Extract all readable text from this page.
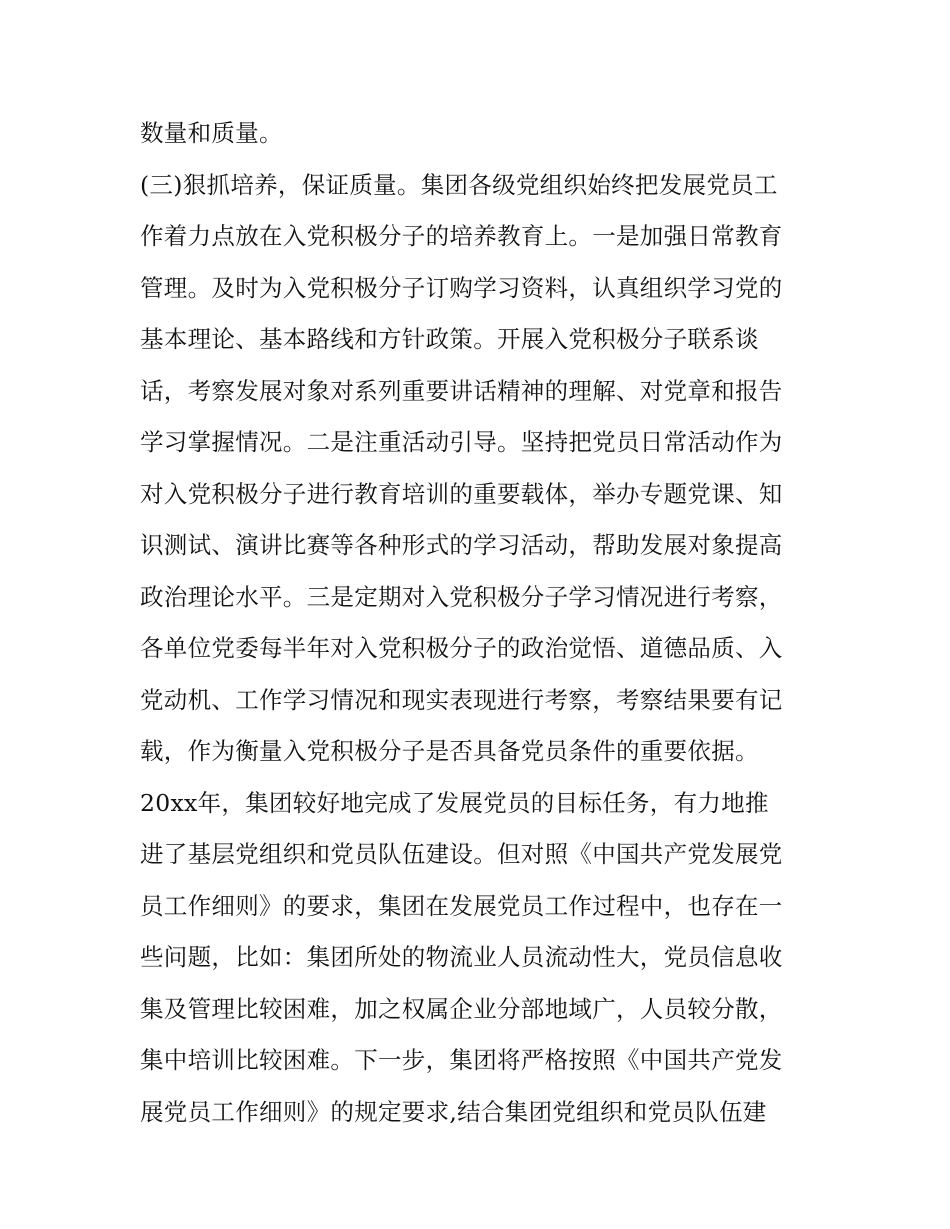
数量和质量。
(三)狠抓培养，保证质量。集团各级党组织始终把发展党员工
作着力点放在入党积极分子的培养教育上。一是加强日常教育
管理。及时为入党积极分子订购学习资料，认真组织学习党的
基本理论、基本路线和方针政策。开展入党积极分子联系谈
话，考察发展对象对系列重要讲话精神的理解、对党章和报告
学习掌握情况。二是注重活动引导。坚持把党员日常活动作为
对入党积极分子进行教育培训的重要载体，举办专题党课、知
识测试、演讲比赛等各种形式的学习活动，帮助发展对象提高
政治理论水平。三是定期对入党积极分子学习情况进行考察，
各单位党委每半年对入党积极分子的政治觉悟、道德品质、入
党动机、工作学习情况和现实表现进行考察，考察结果要有记
载，作为衡量入党积极分子是否具备党员条件的重要依据。
20xx年，集团较好地完成了发展党员的目标任务，有力地推
进了基层党组织和党员队伍建设。但对照《中国共产党发展党
员工作细则》的要求，集团在发展党员工作过程中，也存在一
些问题，比如：集团所处的物流业人员流动性大，党员信息收
集及管理比较困难，加之权属企业分部地域广，人员较分散，
集中培训比较困难。下一步，集团将严格按照《中国共产党发
展党员工作细则》的规定要求,结合集团党组织和党员队伍建
